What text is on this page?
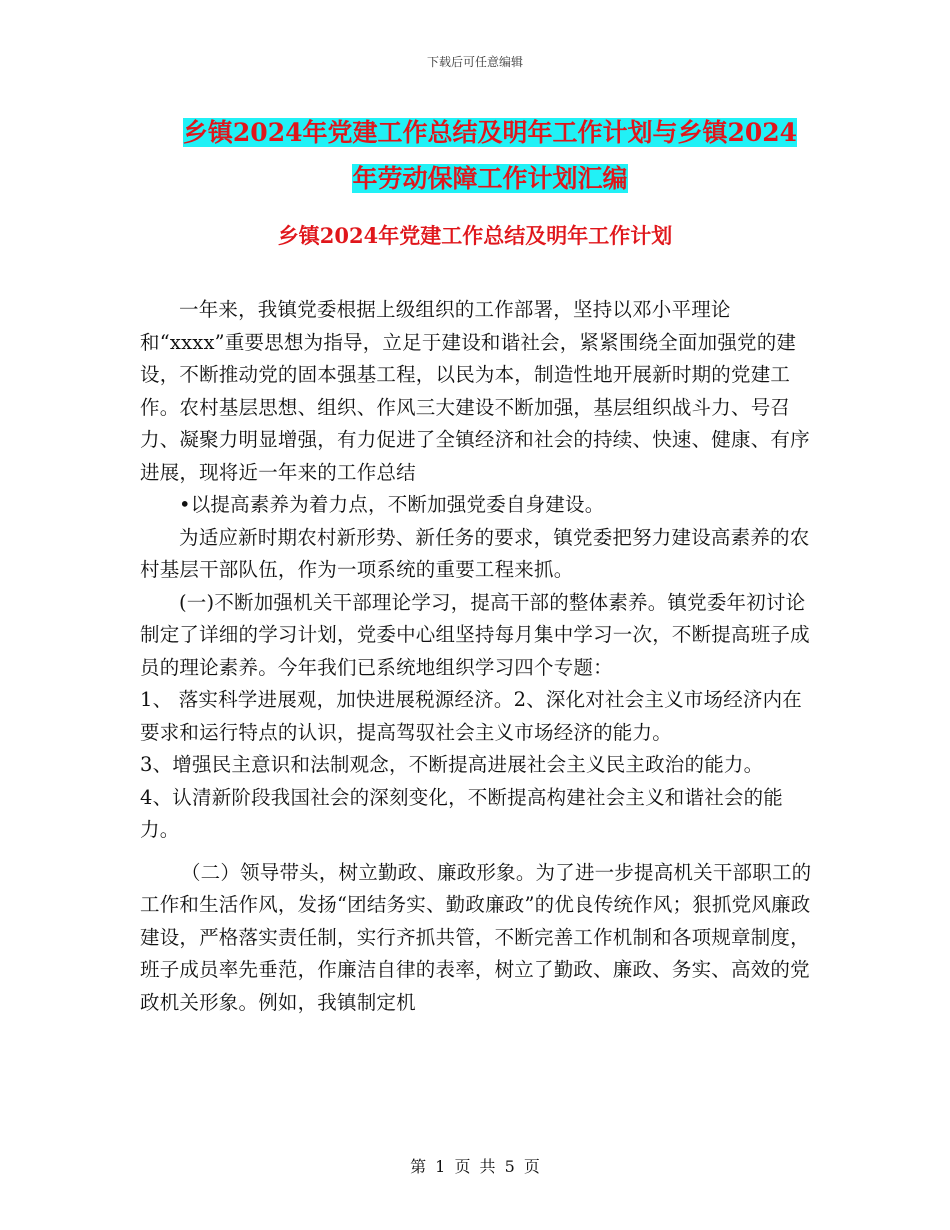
下载后可任意编辑
乡镇2024年党建工作总结及明年工作计划与乡镇2024
年劳动保障工作计划汇编
乡镇2024年党建工作总结及明年工作计划

一年来，我镇党委根据上级组织的工作部署，坚持以邓小平理论和“xxxx”重要思想为指导，立足于建设和谐社会，紧紧围绕全面加强党的建设，不断推动党的固本强基工程，以民为本，制造性地开展新时期的党建工作。农村基层思想、组织、作风三大建设不断加强，基层组织战斗力、号召力、凝聚力明显增强，有力促进了全镇经济和社会的持续、快速、健康、有序进展，现将近一年来的工作总结

•以提高素养为着力点，不断加强党委自身建设。

为适应新时期农村新形势、新任务的要求，镇党委把努力建设高素养的农村基层干部队伍，作为一项系统的重要工程来抓。

(一)不断加强机关干部理论学习，提高干部的整体素养。镇党委年初讨论制定了详细的学习计划，党委中心组坚持每月集中学习一次，不断提高班子成员的理论素养。今年我们已系统地组织学习四个专题：

1、 落实科学进展观，加快进展税源经济。2、深化对社会主义市场经济内在要求和运行特点的认识，提高驾驭社会主义市场经济的能力。

3、增强民主意识和法制观念，不断提高进展社会主义民主政治的能力。

4、认清新阶段我国社会的深刻变化，不断提高构建社会主义和谐社会的能力。

（二）领导带头，树立勤政、廉政形象。为了进一步提高机关干部职工的工作和生活作风，发扬“团结务实、勤政廉政”的优良传统作风；狠抓党风廉政建设，严格落实责任制，实行齐抓共管，不断完善工作机制和各项规章制度，班子成员率先垂范，作廉洁自律的表率，树立了勤政、廉政、务实、高效的党政机关形象。例如，我镇制定机

第 1 页 共 5 页
